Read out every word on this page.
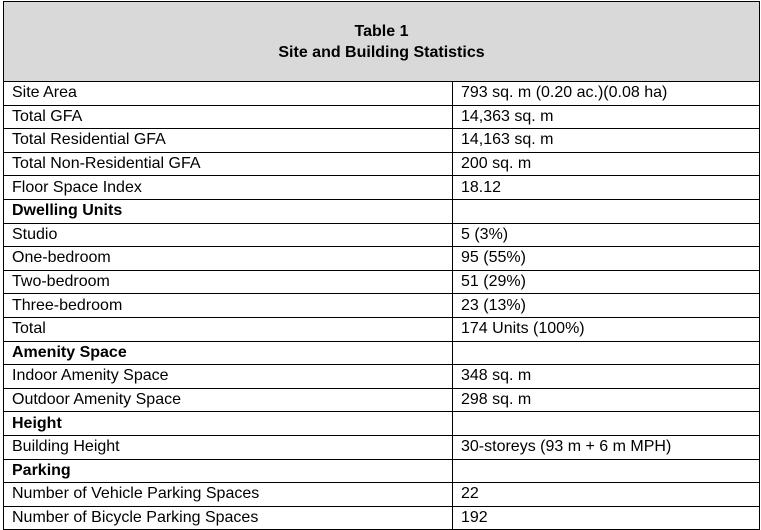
Table 1
Site and Building Statistics	

Site Area	793 sq. m (0.20 ac.)(0.08 ha)
Total GFA	14,363 sq. m
Total Residential GFA	14,163 sq. m
Total Non-Residential GFA	200 sq. m
Floor Space Index	18.12
Dwelling Units	
Studio	5 (3%)
One-bedroom	95 (55%)
Two-bedroom	51 (29%)
Three-bedroom	23 (13%)
Total	174 Units (100%)
Amenity Space	
Indoor Amenity Space	348 sq. m
Outdoor Amenity Space	298 sq. m
Height	
Building Height	30-storeys (93 m + 6 m MPH)
Parking	
Number of Vehicle Parking Spaces	22
Number of Bicycle Parking Spaces	192
